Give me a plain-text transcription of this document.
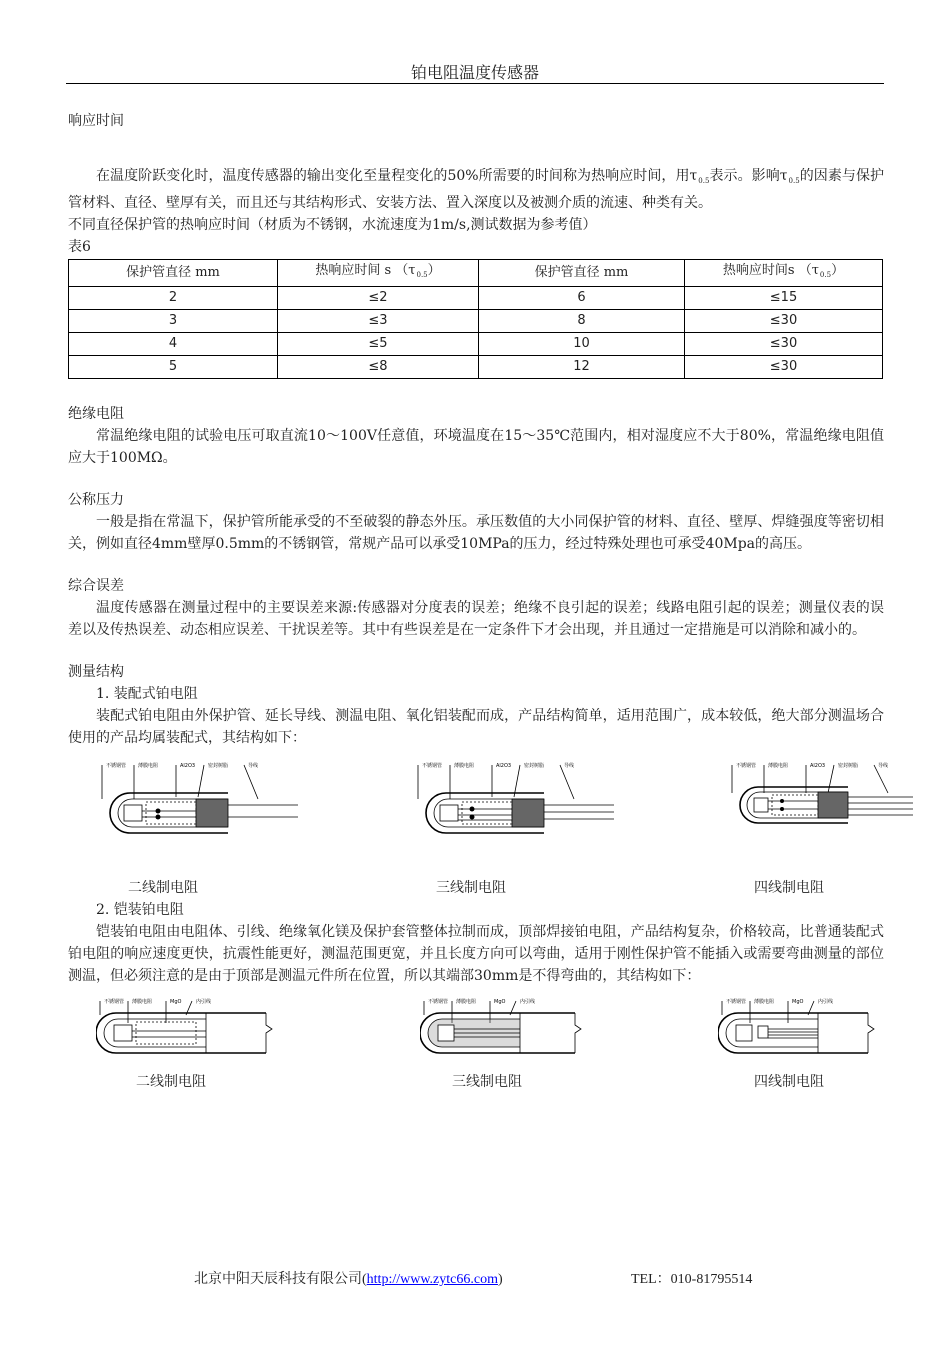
铂电阻温度传感器

响应时间

在温度阶跃变化时，温度传感器的输出变化至量程变化的50%所需要的时间称为热响应时间，用$\tau_{0.5}$表示。影响$\tau_{0.5}$的因素与保护管材料、直径、壁厚有关，而且还与其结构形式、安装方法、置入深度以及被测介质的流速、种类有关。

不同直径保护管的热响应时间（材质为不锈钢，水流速度为1m/s,测试数据为参考值）

表6

保护管直径 mm	热响应时间 s $(\tau_{0.5})$	保护管直径 mm	热响应时间s $(\tau_{0.5})$
2	≤2	6	≤15
3	≤3	8	≤30
4	≤5	10	≤30
5	≤8	12	≤30

绝缘电阻

常温绝缘电阻的试验电压可取直流10～100V任意值，环境温度在15～35℃范围内，相对湿度应不大于80%，常温绝缘电阻值应大于100MΩ。

公称压力

一般是指在常温下，保护管所能承受的不至破裂的静态外压。承压数值的大小同保护管的材料、直径、壁厚、焊缝强度等密切相关，例如直径4mm壁厚0.5mm的不锈钢管，常规产品可以承受10MPa的压力，经过特殊处理也可承受40Mpa的高压。

综合误差

温度传感器在测量过程中的主要误差来源:传感器对分度表的误差；绝缘不良引起的误差；线路电阻引起的误差；测量仪表的误差以及传热误差、动态相应误差、干扰误差等。其中有些误差是在一定条件下才会出现，并且通过一定措施是可以消除和减小的。

测量结构

1. 装配式铂电阻

装配式铂电阻由外保护管、延长导线、测温电阻、氧化铝装配而成，产品结构简单，适用范围广，成本较低，绝大部分测温场合使用的产品均属装配式，其结构如下：

不锈钢管 薄膜电阻	Al2O3	密封树脂	导线
二线制电阻
不锈钢管 薄膜电阻	Al2O3	密封树脂	导线
三线制电阻
不锈钢管 薄膜电阻	Al2O3	密封树脂	导线
四线制电阻

2. 铠装铂电阻

铠装铂电阻由电阻体、引线、绝缘氧化镁及保护套管整体拉制而成，顶部焊接铂电阻，产品结构复杂，价格较高，比普通装配式铂电阻的响应速度更快，抗震性能更好，测温范围更宽，并且长度方向可以弯曲，适用于刚性保护管不能插入或需要弯曲测量的部位测温，但必须注意的是由于顶部是测温元件所在位置，所以其端部30mm是不得弯曲的，其结构如下：

不锈钢管 薄膜电阻	MgO	内引线
二线制电阻
不锈钢管 薄膜电阻	MgO	内引线
三线制电阻
不锈钢管 薄膜电阻	MgO	内引线
四线制电阻
北京中阳天辰科技有限公司(http://www.zytc66.com)	TEL：010-81795514
